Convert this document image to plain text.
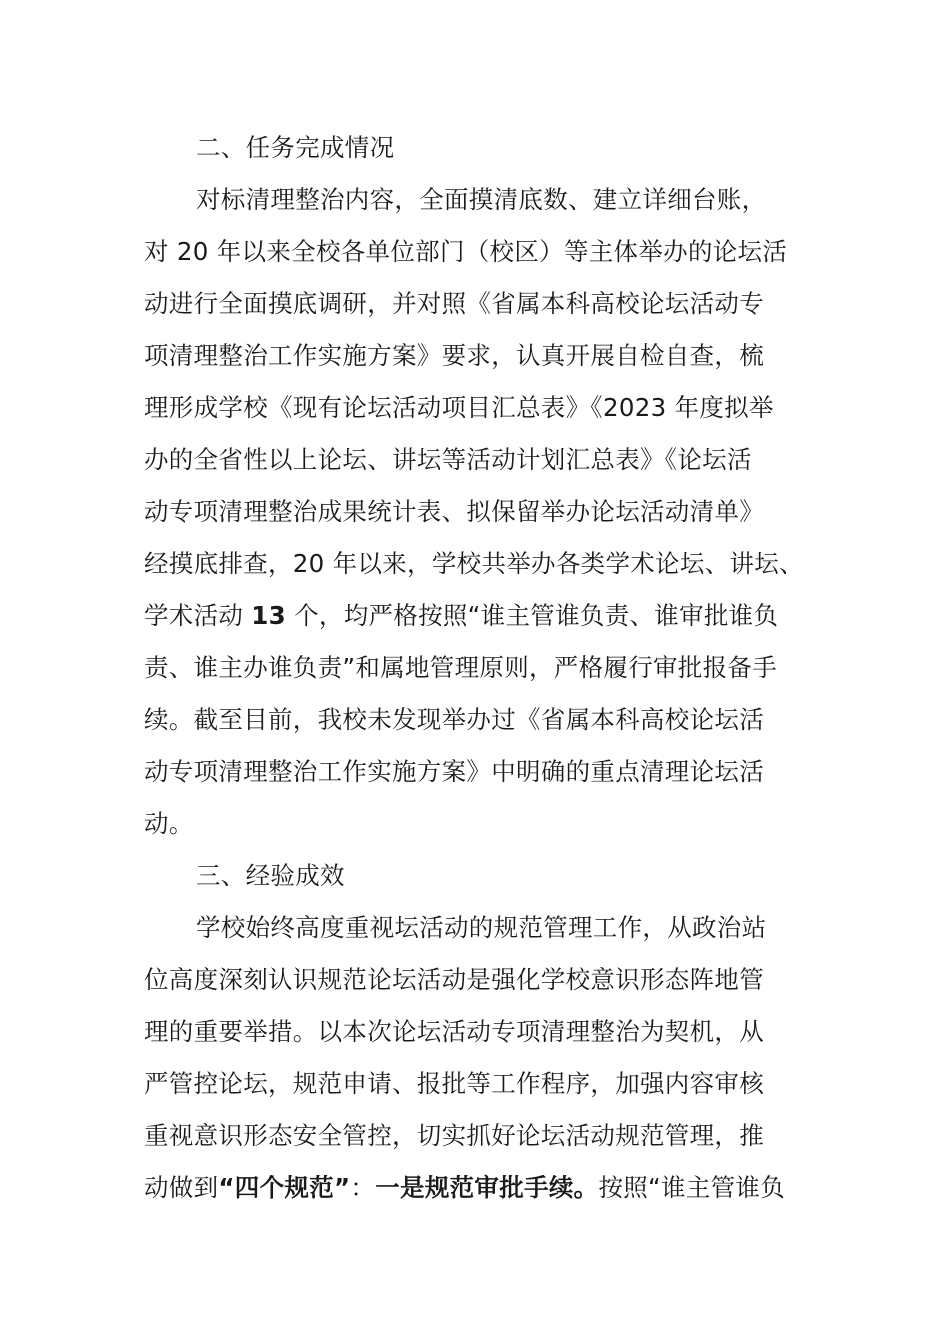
二、任务完成情况
对标清理整治内容，全面摸清底数、建立详细台账，
对 20 年以来全校各单位部门（校区）等主体举办的论坛活
动进行全面摸底调研，并对照《省属本科高校论坛活动专
项清理整治工作实施方案》要求，认真开展自检自查，梳
理形成学校《现有论坛活动项目汇总表》《2023 年度拟举
办的全省性以上论坛、讲坛等活动计划汇总表》《论坛活
动专项清理整治成果统计表、拟保留举办论坛活动清单》
经摸底排查，20 年以来，学校共举办各类学术论坛、讲坛、
学术活动 13 个，均严格按照“谁主管谁负责、谁审批谁负
责、谁主办谁负责”和属地管理原则，严格履行审批报备手
续。截至目前，我校未发现举办过《省属本科高校论坛活
动专项清理整治工作实施方案》中明确的重点清理论坛活
动。
三、经验成效
学校始终高度重视坛活动的规范管理工作，从政治站
位高度深刻认识规范论坛活动是强化学校意识形态阵地管
理的重要举措。以本次论坛活动专项清理整治为契机，从
严管控论坛，规范申请、报批等工作程序，加强内容审核
重视意识形态安全管控，切实抓好论坛活动规范管理，推
动做到“四个规范”：一是规范审批手续。按照“谁主管谁负
